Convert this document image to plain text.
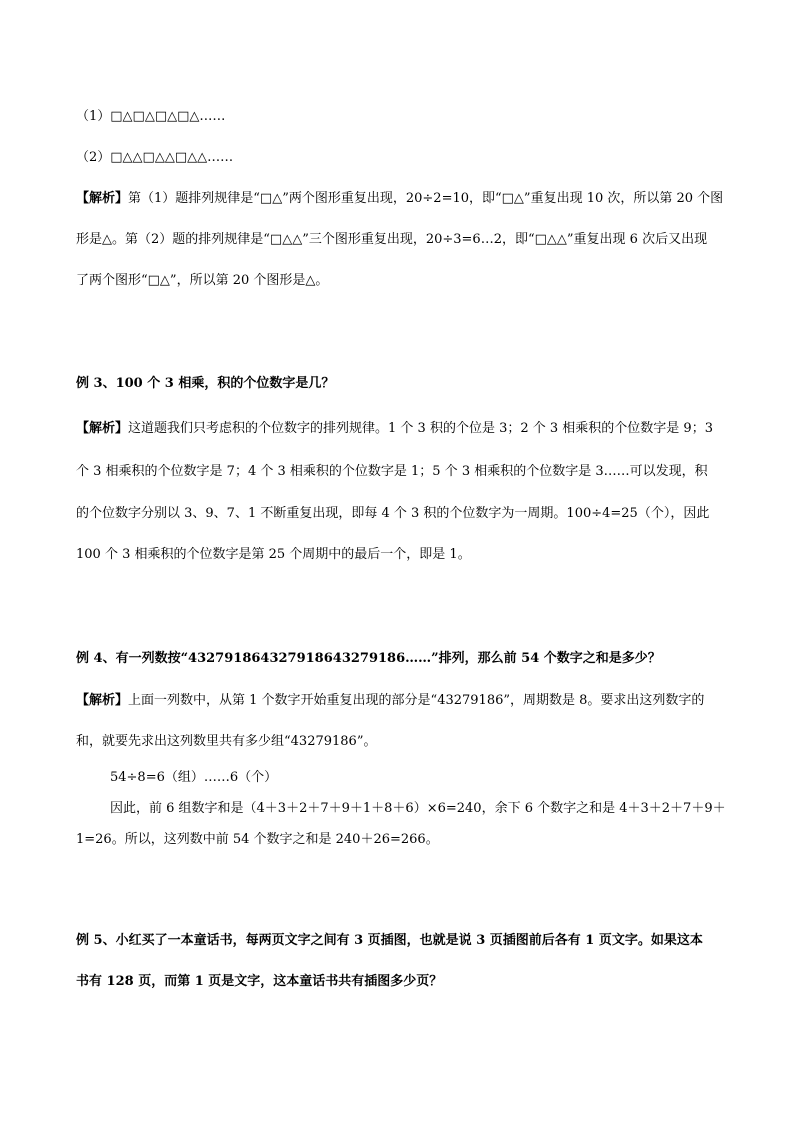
（1）□△□△□△□△……
（2）□△△□△△□△△……
【解析】第（1）题排列规律是“□△”两个图形重复出现，20÷2=10，即“□△”重复出现 10 次，所以第 20 个图
形是△。第（2）题的排列规律是“□△△”三个图形重复出现，20÷3=6…2，即“□△△”重复出现 6 次后又出现
了两个图形“□△”，所以第 20 个图形是△。
例 3、100 个 3 相乘，积的个位数字是几？
【解析】这道题我们只考虑积的个位数字的排列规律。1 个 3 积的个位是 3；2 个 3 相乘积的个位数字是 9；3
个 3 相乘积的个位数字是 7；4 个 3 相乘积的个位数字是 1；5 个 3 相乘积的个位数字是 3……可以发现，积
的个位数字分别以 3、9、7、1 不断重复出现，即每 4 个 3 积的个位数字为一周期。100÷4=25（个），因此
100 个 3 相乘积的个位数字是第 25 个周期中的最后一个，即是 1。
例 4、有一列数按“432791864327918643279186……”排列，那么前 54 个数字之和是多少？
【解析】上面一列数中，从第 1 个数字开始重复出现的部分是“43279186”，周期数是 8。要求出这列数字的
和，就要先求出这列数里共有多少组“43279186”。
54÷8=6（组）……6（个）
因此，前 6 组数字和是（4＋3＋2＋7＋9＋1＋8＋6）×6=240，余下 6 个数字之和是 4＋3＋2＋7＋9＋
1=26。所以，这列数中前 54 个数字之和是 240＋26=266。
例 5、小红买了一本童话书，每两页文字之间有 3 页插图，也就是说 3 页插图前后各有 1 页文字。如果这本
书有 128 页，而第 1 页是文字，这本童话书共有插图多少页？
